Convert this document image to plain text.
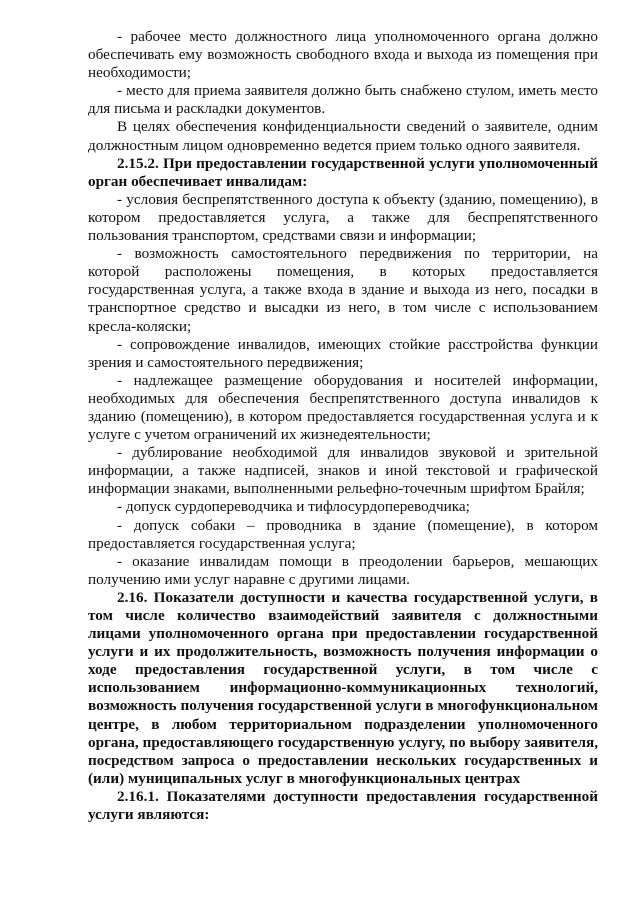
- рабочее место должностного лица уполномоченного органа должно обеспечивать ему возможность свободного входа и выхода из помещения при необходимости;

- место для приема заявителя должно быть снабжено стулом, иметь место для письма и раскладки документов.

В целях обеспечения конфиденциальности сведений о заявителе, одним должностным лицом одновременно ведется прием только одного заявителя.

2.15.2. При предоставлении государственной услуги уполномоченный орган обеспечивает инвалидам:

- условия беспрепятственного доступа к объекту (зданию, помещению), в котором предоставляется услуга, а также для беспрепятственного пользования транспортом, средствами связи и информации;

- возможность самостоятельного передвижения по территории, на которой расположены помещения, в которых предоставляется государственная услуга, а также входа в здание и выхода из него, посадки в транспортное средство и высадки из него, в том числе с использованием кресла-коляски;

- сопровождение инвалидов, имеющих стойкие расстройства функции зрения и самостоятельного передвижения;

- надлежащее размещение оборудования и носителей информации, необходимых для обеспечения беспрепятственного доступа инвалидов к зданию (помещению), в котором предоставляется государственная услуга и к услуге с учетом ограничений их жизнедеятельности;

- дублирование необходимой для инвалидов звуковой и зрительной информации, а также надписей, знаков и иной текстовой и графической информации знаками, выполненными рельефно-точечным шрифтом Брайля;

- допуск сурдопереводчика и тифлосурдопереводчика;

- допуск собаки – проводника в здание (помещение), в котором предоставляется государственная услуга;

- оказание инвалидам помощи в преодолении барьеров, мешающих получению ими услуг наравне с другими лицами.

2.16. Показатели доступности и качества государственной услуги, в том числе количество взаимодействий заявителя с должностными лицами уполномоченного органа при предоставлении государственной услуги и их продолжительность, возможность получения информации о ходе предоставления государственной услуги, в том числе с использованием информационно-коммуникационных технологий, возможность получения государственной услуги в многофункциональном центре, в любом территориальном подразделении уполномоченного органа, предоставляющего государственную услугу, по выбору заявителя, посредством запроса о предоставлении нескольких государственных и (или) муниципальных услуг в многофункциональных центрах

2.16.1. Показателями доступности предоставления государственной услуги являются:
